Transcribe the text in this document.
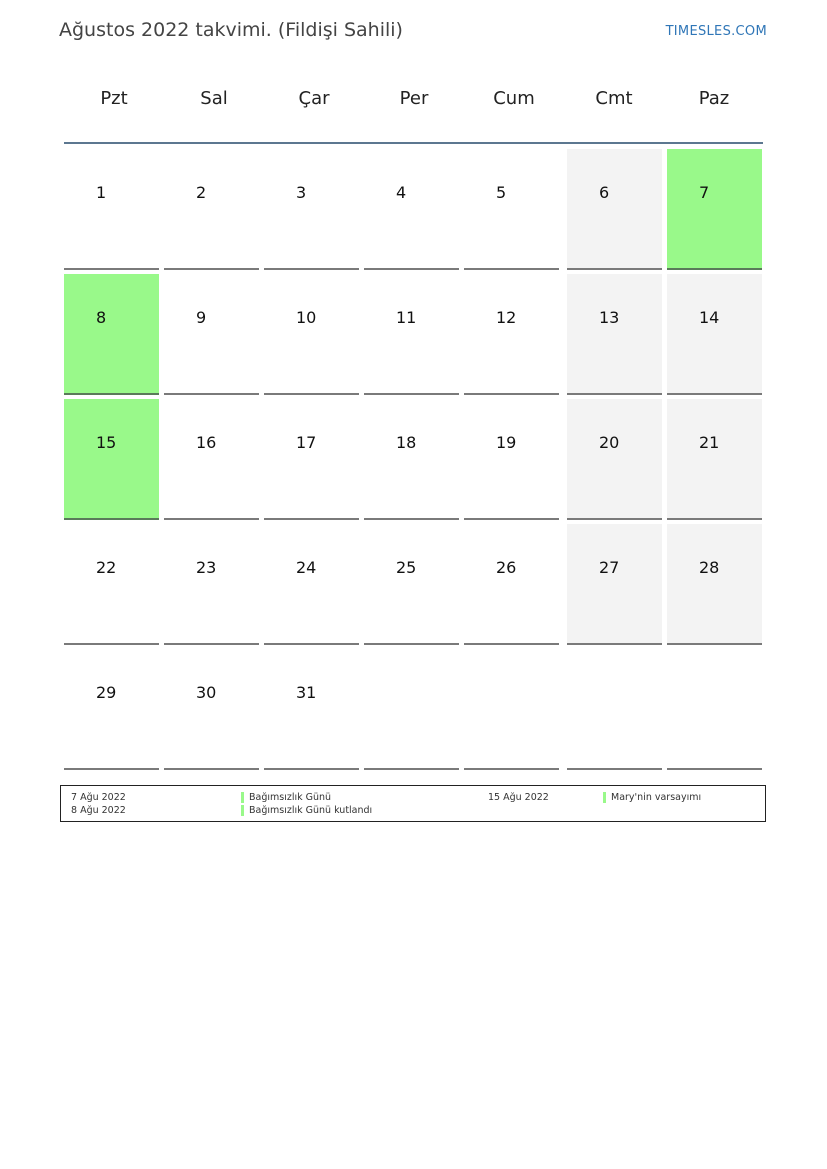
Ağustos 2022 takvimi. (Fildişi Sahili)	TIMESLES.COM
Pzt	Sal	Çar	Per	Cum	Cmt	Paz
1	2	3	4	5	6	7
8	9	10	11	12	13	14
15	16	17	18	19	20	21
22	23	24	25	26	27	28
29	30	31
7 Ağu 2022	Bağımsızlık Günü
8 Ağu 2022	Bağımsızlık Günü kutlandı
15 Ağu 2022	Mary'nin varsayımı
